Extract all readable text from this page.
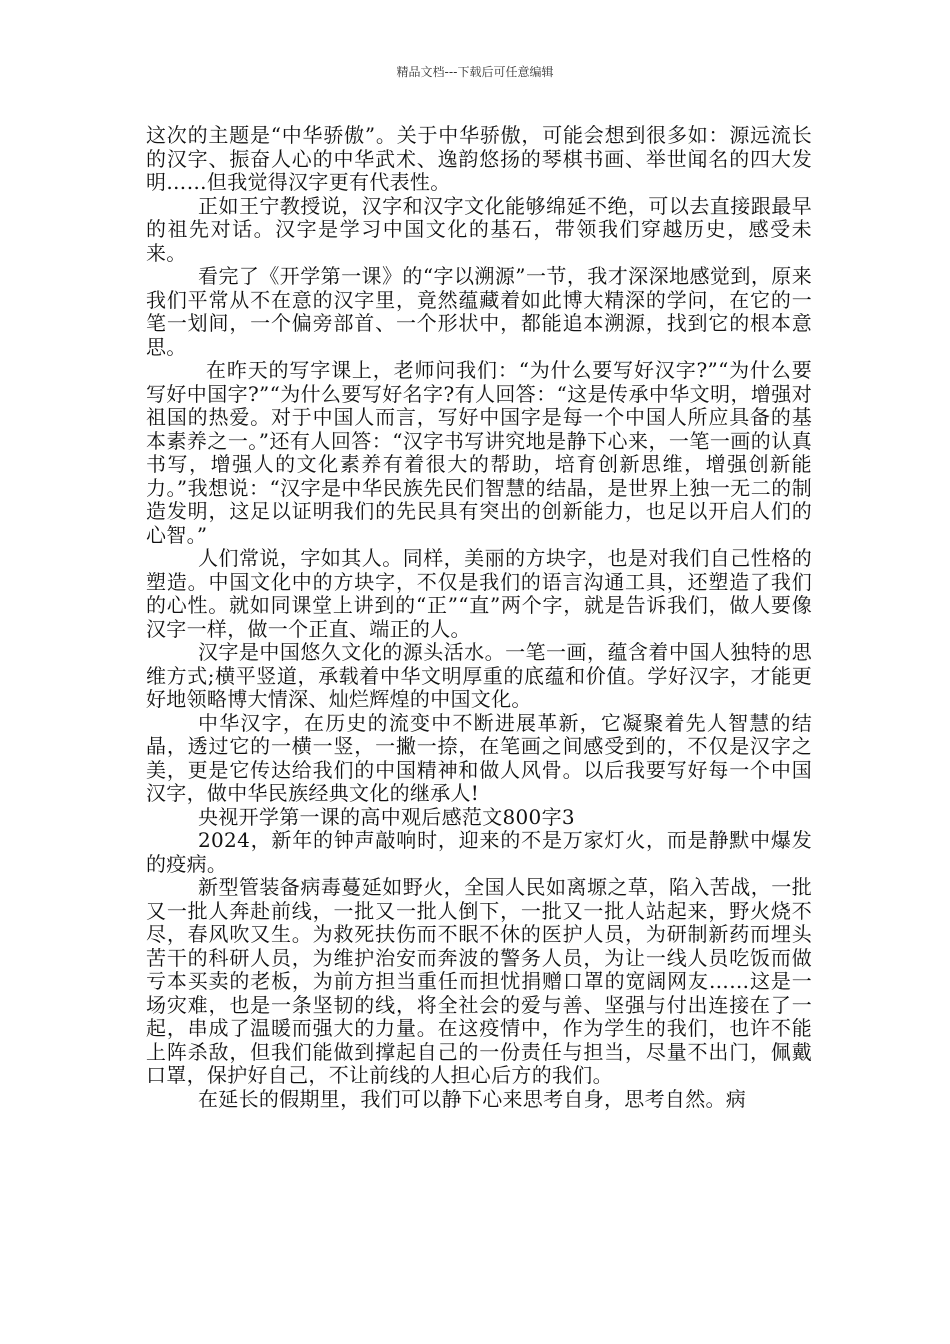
精品文档---下载后可任意编辑

这次的主题是“中华骄傲”。关于中华骄傲，可能会想到很多如：源远流长的汉字、振奋人心的中华武术、逸韵悠扬的琴棋书画、举世闻名的四大发明……但我觉得汉字更有代表性。

正如王宁教授说，汉字和汉字文化能够绵延不绝，可以去直接跟最早的祖先对话。汉字是学习中国文化的基石，带领我们穿越历史，感受未来。

看完了《开学第一课》的“字以溯源”一节，我才深深地感觉到，原来我们平常从不在意的汉字里，竟然蕴藏着如此博大精深的学问，在它的一笔一划间，一个偏旁部首、一个形状中，都能追本溯源，找到它的根本意思。

在昨天的写字课上，老师问我们：“为什么要写好汉字?”“为什么要写好中国字?”“为什么要写好名字?有人回答：“这是传承中华文明，增强对祖国的热爱。对于中国人而言，写好中国字是每一个中国人所应具备的基本素养之一。”还有人回答：“汉字书写讲究地是静下心来，一笔一画的认真书写，增强人的文化素养有着很大的帮助，培育创新思维，增强创新能力。”我想说：“汉字是中华民族先民们智慧的结晶，是世界上独一无二的制造发明，这足以证明我们的先民具有突出的创新能力，也足以开启人们的心智。”

人们常说，字如其人。同样，美丽的方块字，也是对我们自己性格的塑造。中国文化中的方块字，不仅是我们的语言沟通工具，还塑造了我们的心性。就如同课堂上讲到的“正”“直”两个字，就是告诉我们，做人要像汉字一样，做一个正直、端正的人。

汉字是中国悠久文化的源头活水。一笔一画，蕴含着中国人独特的思维方式;横平竖道，承载着中华文明厚重的底蕴和价值。学好汉字，才能更好地领略博大情深、灿烂辉煌的中国文化。

中华汉字，在历史的流变中不断进展革新，它凝聚着先人智慧的结晶，透过它的一横一竖，一撇一捺，在笔画之间感受到的，不仅是汉字之美，更是它传达给我们的中国精神和做人风骨。以后我要写好每一个中国汉字，做中华民族经典文化的继承人!

央视开学第一课的高中观后感范文800字3

2024，新年的钟声敲响时，迎来的不是万家灯火，而是静默中爆发的疫病。

新型管装备病毒蔓延如野火，全国人民如离塬之草，陷入苦战，一批又一批人奔赴前线，一批又一批人倒下，一批又一批人站起来，野火烧不尽，春风吹又生。为救死扶伤而不眠不休的医护人员，为研制新药而埋头苦干的科研人员，为维护治安而奔波的警务人员，为让一线人员吃饭而做亏本买卖的老板，为前方担当重任而担忧捐赠口罩的宽阔网友……这是一场灾难，也是一条坚韧的线，将全社会的爱与善、坚强与付出连接在了一起，串成了温暖而强大的力量。在这疫情中，作为学生的我们，也许不能上阵杀敌，但我们能做到撑起自己的一份责任与担当，尽量不出门，佩戴口罩，保护好自己，不让前线的人担心后方的我们。

在延长的假期里，我们可以静下心来思考自身，思考自然。病
